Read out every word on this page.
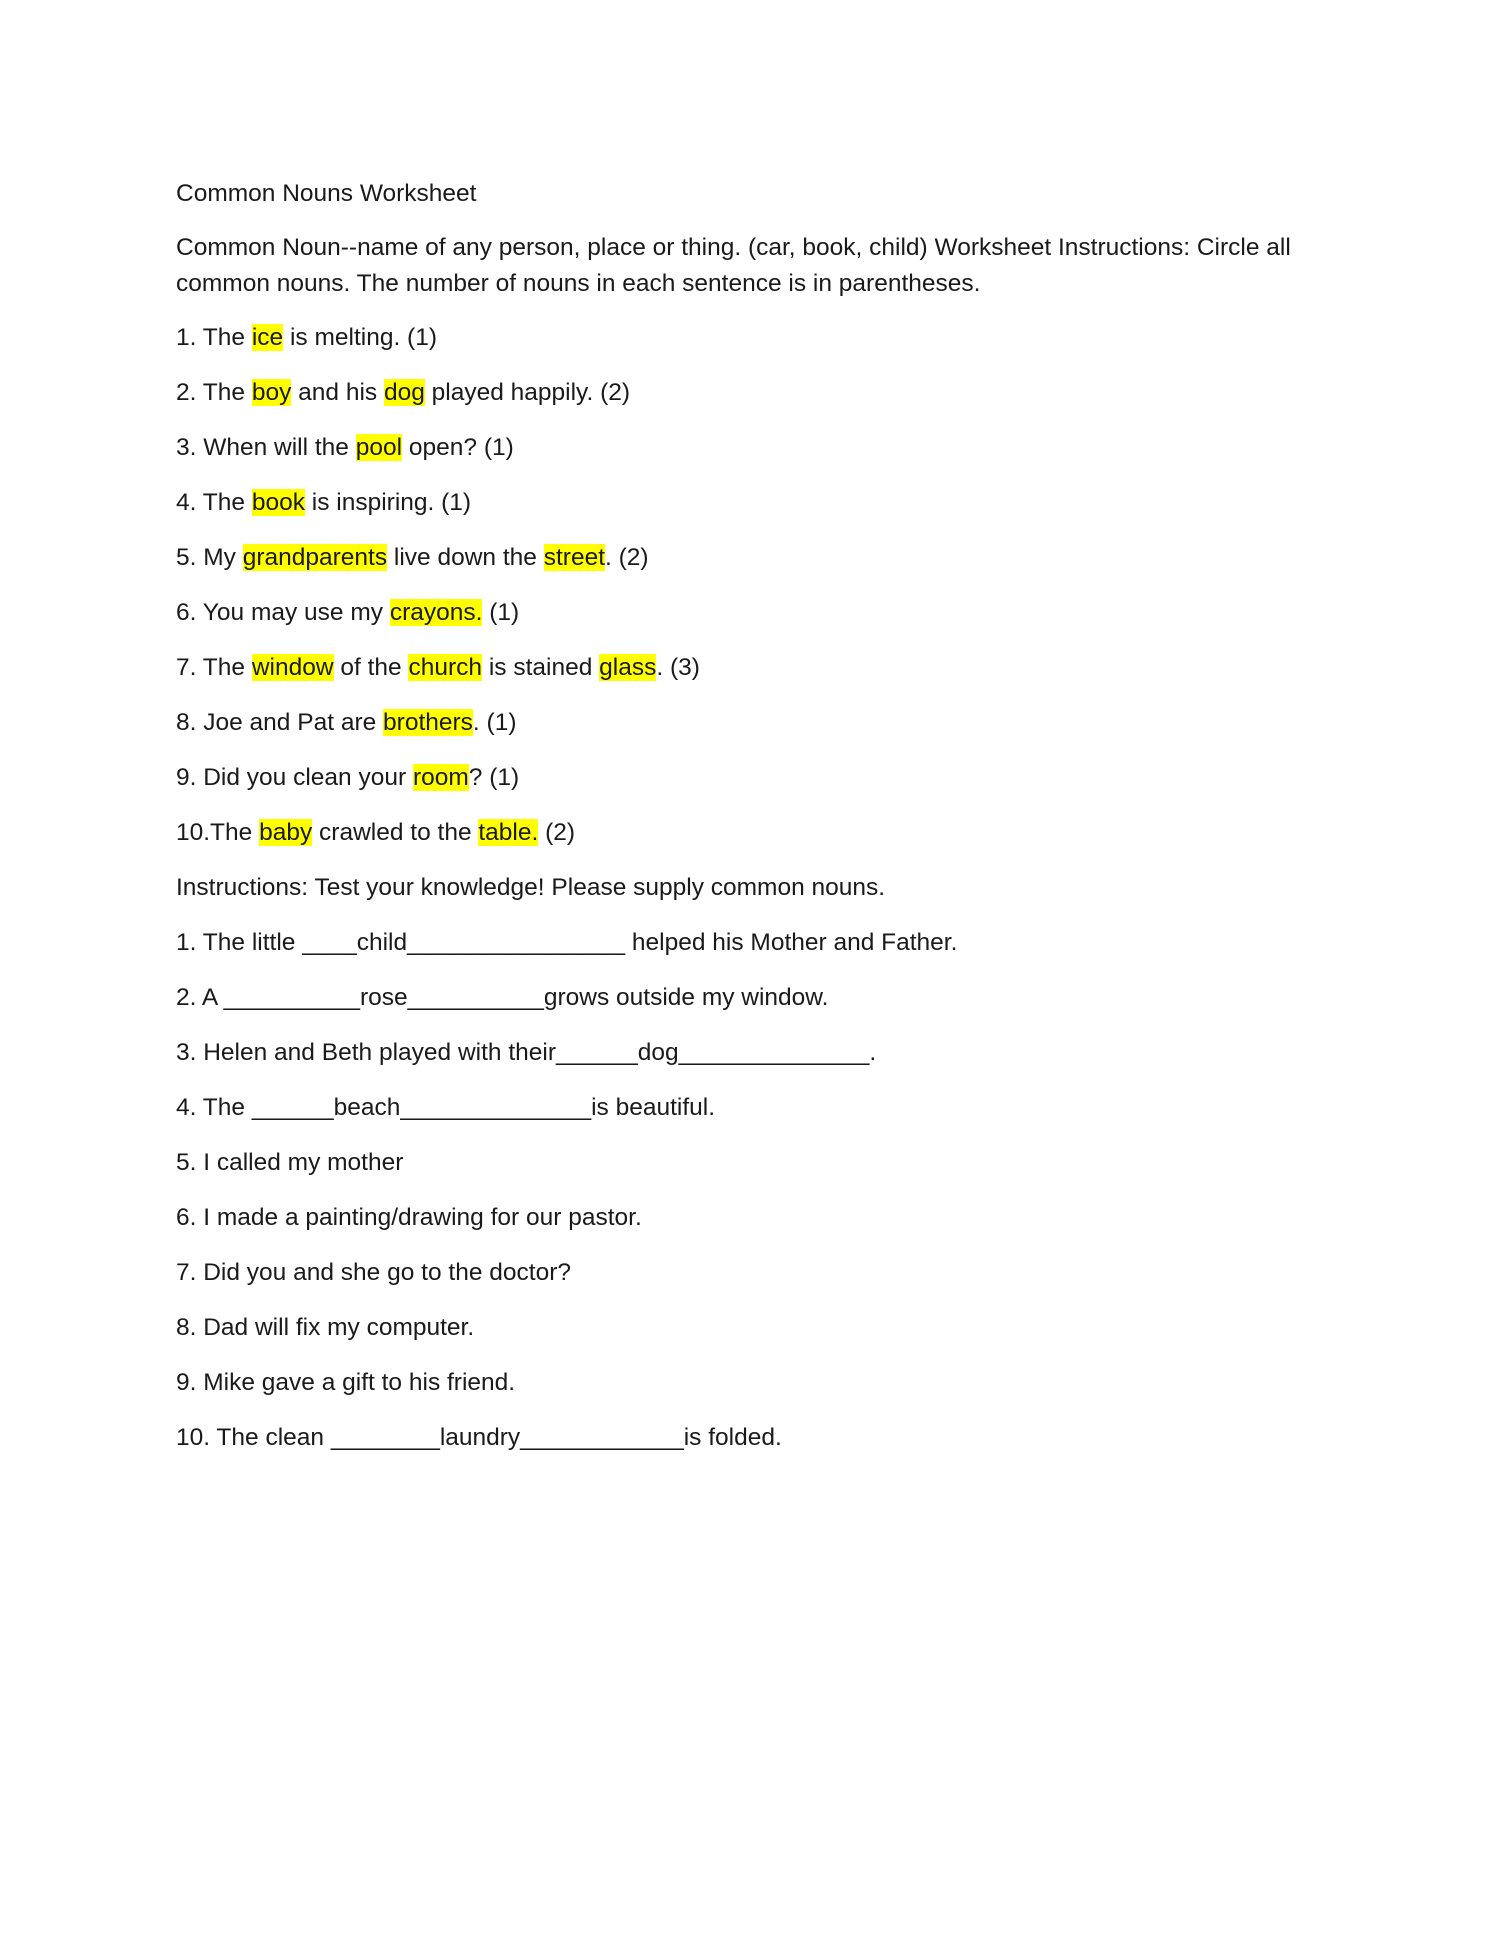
Common Nouns Worksheet
Common Noun--name of any person, place or thing. (car, book, child) Worksheet Instructions: Circle all common nouns. The number of nouns in each sentence is in parentheses.
1. The ice is melting. (1)
2. The boy and his dog played happily. (2)
3. When will the pool open? (1)
4. The book is inspiring. (1)
5. My grandparents live down the street. (2)
6. You may use my crayons. (1)
7. The window of the church is stained glass. (3)
8. Joe and Pat are brothers. (1)
9. Did you clean your room? (1)
10.The baby crawled to the table. (2)
Instructions: Test your knowledge! Please supply common nouns.
1. The little ____child________________ helped his Mother and Father.
2. A __________rose__________grows outside my window.
3. Helen and Beth played with their______dog______________.
4. The ______beach______________is beautiful.
5. I called my mother
6. I made a painting/drawing for our pastor.
7. Did you and she go to the doctor?
8. Dad will fix my computer.
9. Mike gave a gift to his friend.
10. The clean ________laundry____________is folded.
